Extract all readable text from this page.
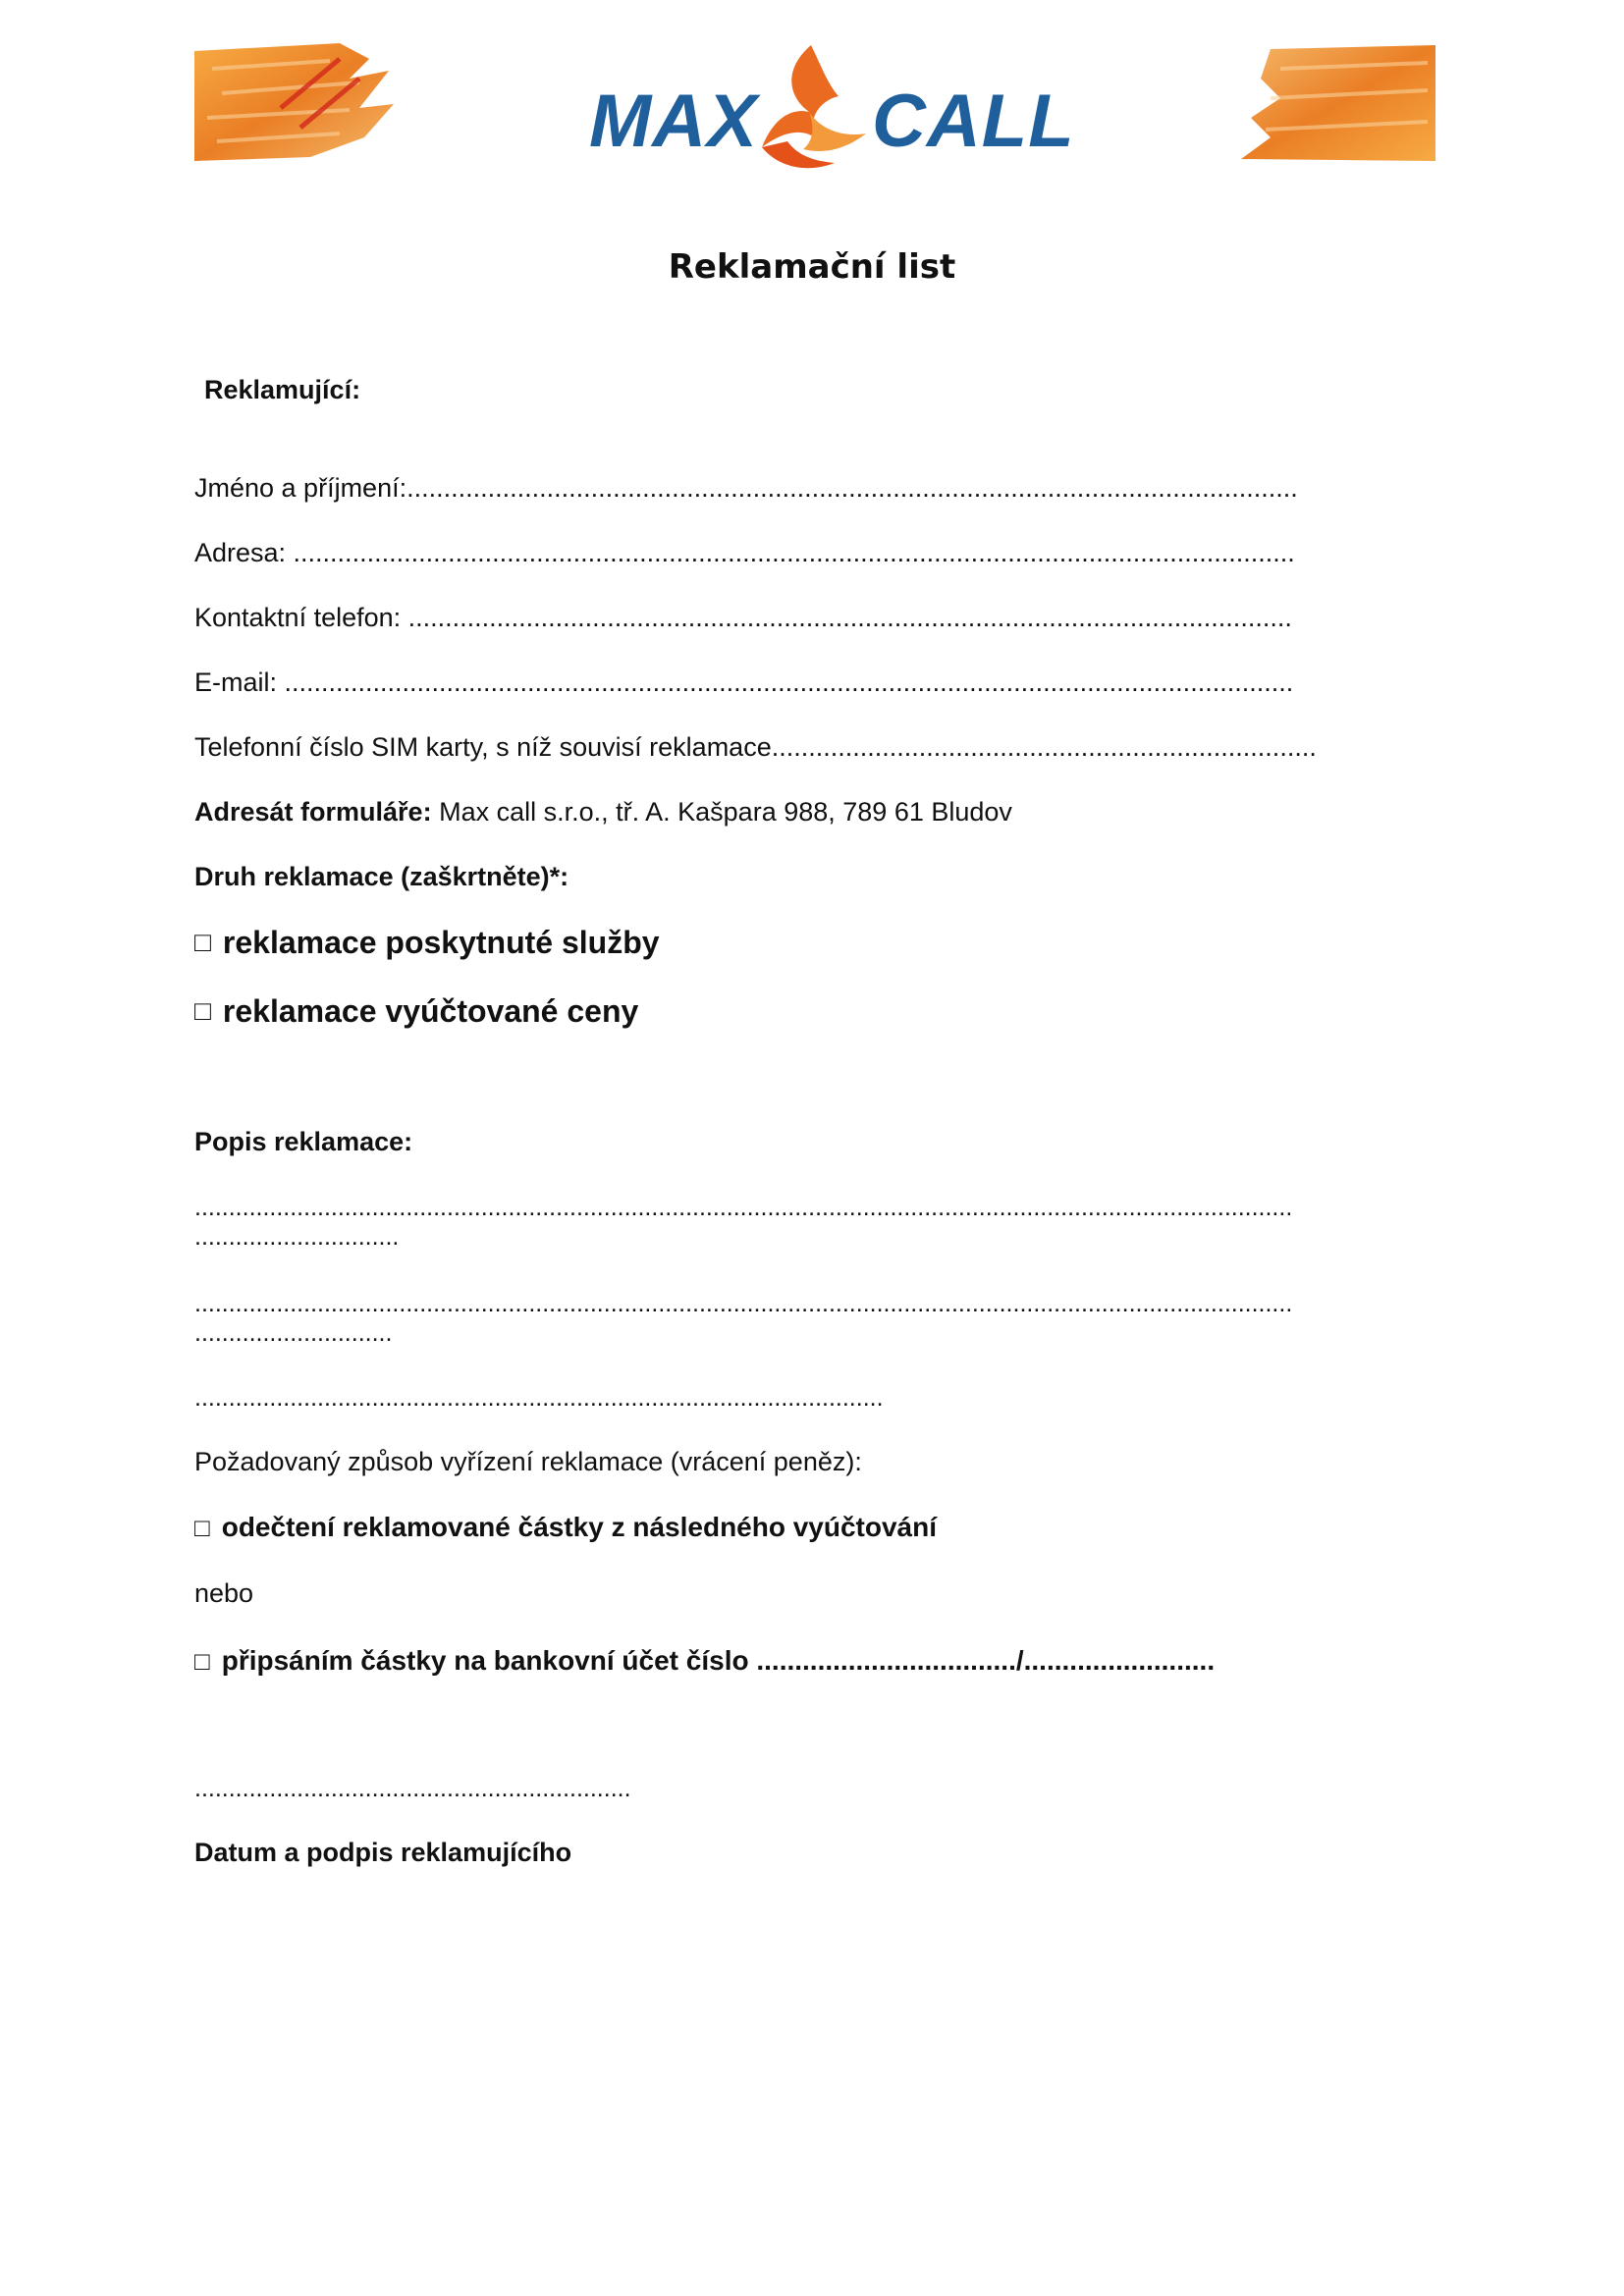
MAX CALL
Reklamační list
Reklamující:
Jméno a příjmení:.........................................................................................................................
Adresa: ........................................................................................................................................
Kontaktní telefon: ........................................................................................................................
E-mail: .........................................................................................................................................
Telefonní číslo SIM karty, s níž souvisí reklamace..........................................................................
Adresát formuláře: Max call s.r.o., tř. A. Kašpara 988, 789 61 Bludov
Druh reklamace (zaškrtněte)*:
□ reklamace poskytnuté služby
□ reklamace vyúčtované ceny
Popis reklamace:
.................................................................................................................................................................
..............................
.................................................................................................................................................................
.............................
.....................................................................................................
Požadovaný způsob vyřízení reklamace (vrácení peněz):
□ odečtení reklamované částky z následného vyúčtování
nebo
□ připsáním částky na bankovní účet číslo ................................../.........................
................................................................
Datum a podpis reklamujícího
